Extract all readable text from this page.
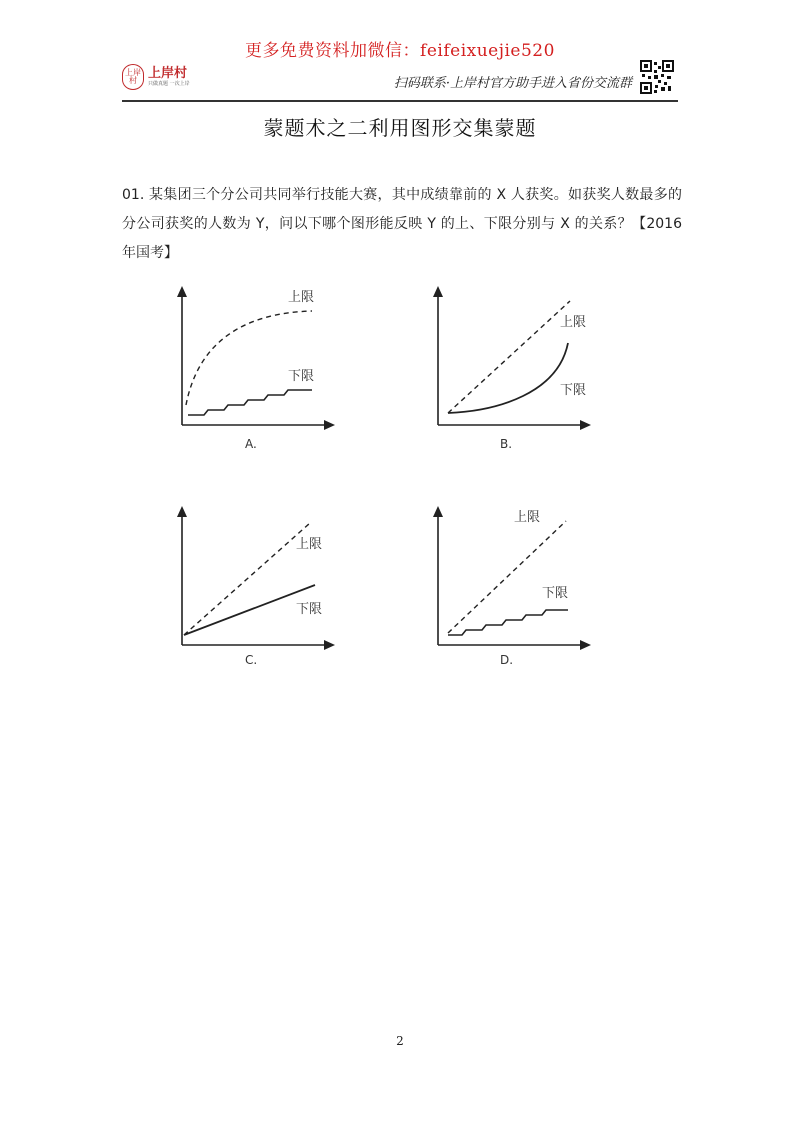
更多免费资料加微信：feifeixuejie520
上岸村 上岸村
只做真题 一次上岸	扫码联系·上岸村官方助手进入省份交流群
蒙题术之二利用图形交集蒙题
01. 某集团三个分公司共同举行技能大赛，其中成绩靠前的 X 人获奖。如获奖人数最多的分公司获奖的人数为 Y，问以下哪个图形能反映 Y 的上、下限分别与 X 的关系？【2016 年国考】
上限
下限
A.
上限
下限
B.
上限
下限
C.
上限
下限
D.
2
